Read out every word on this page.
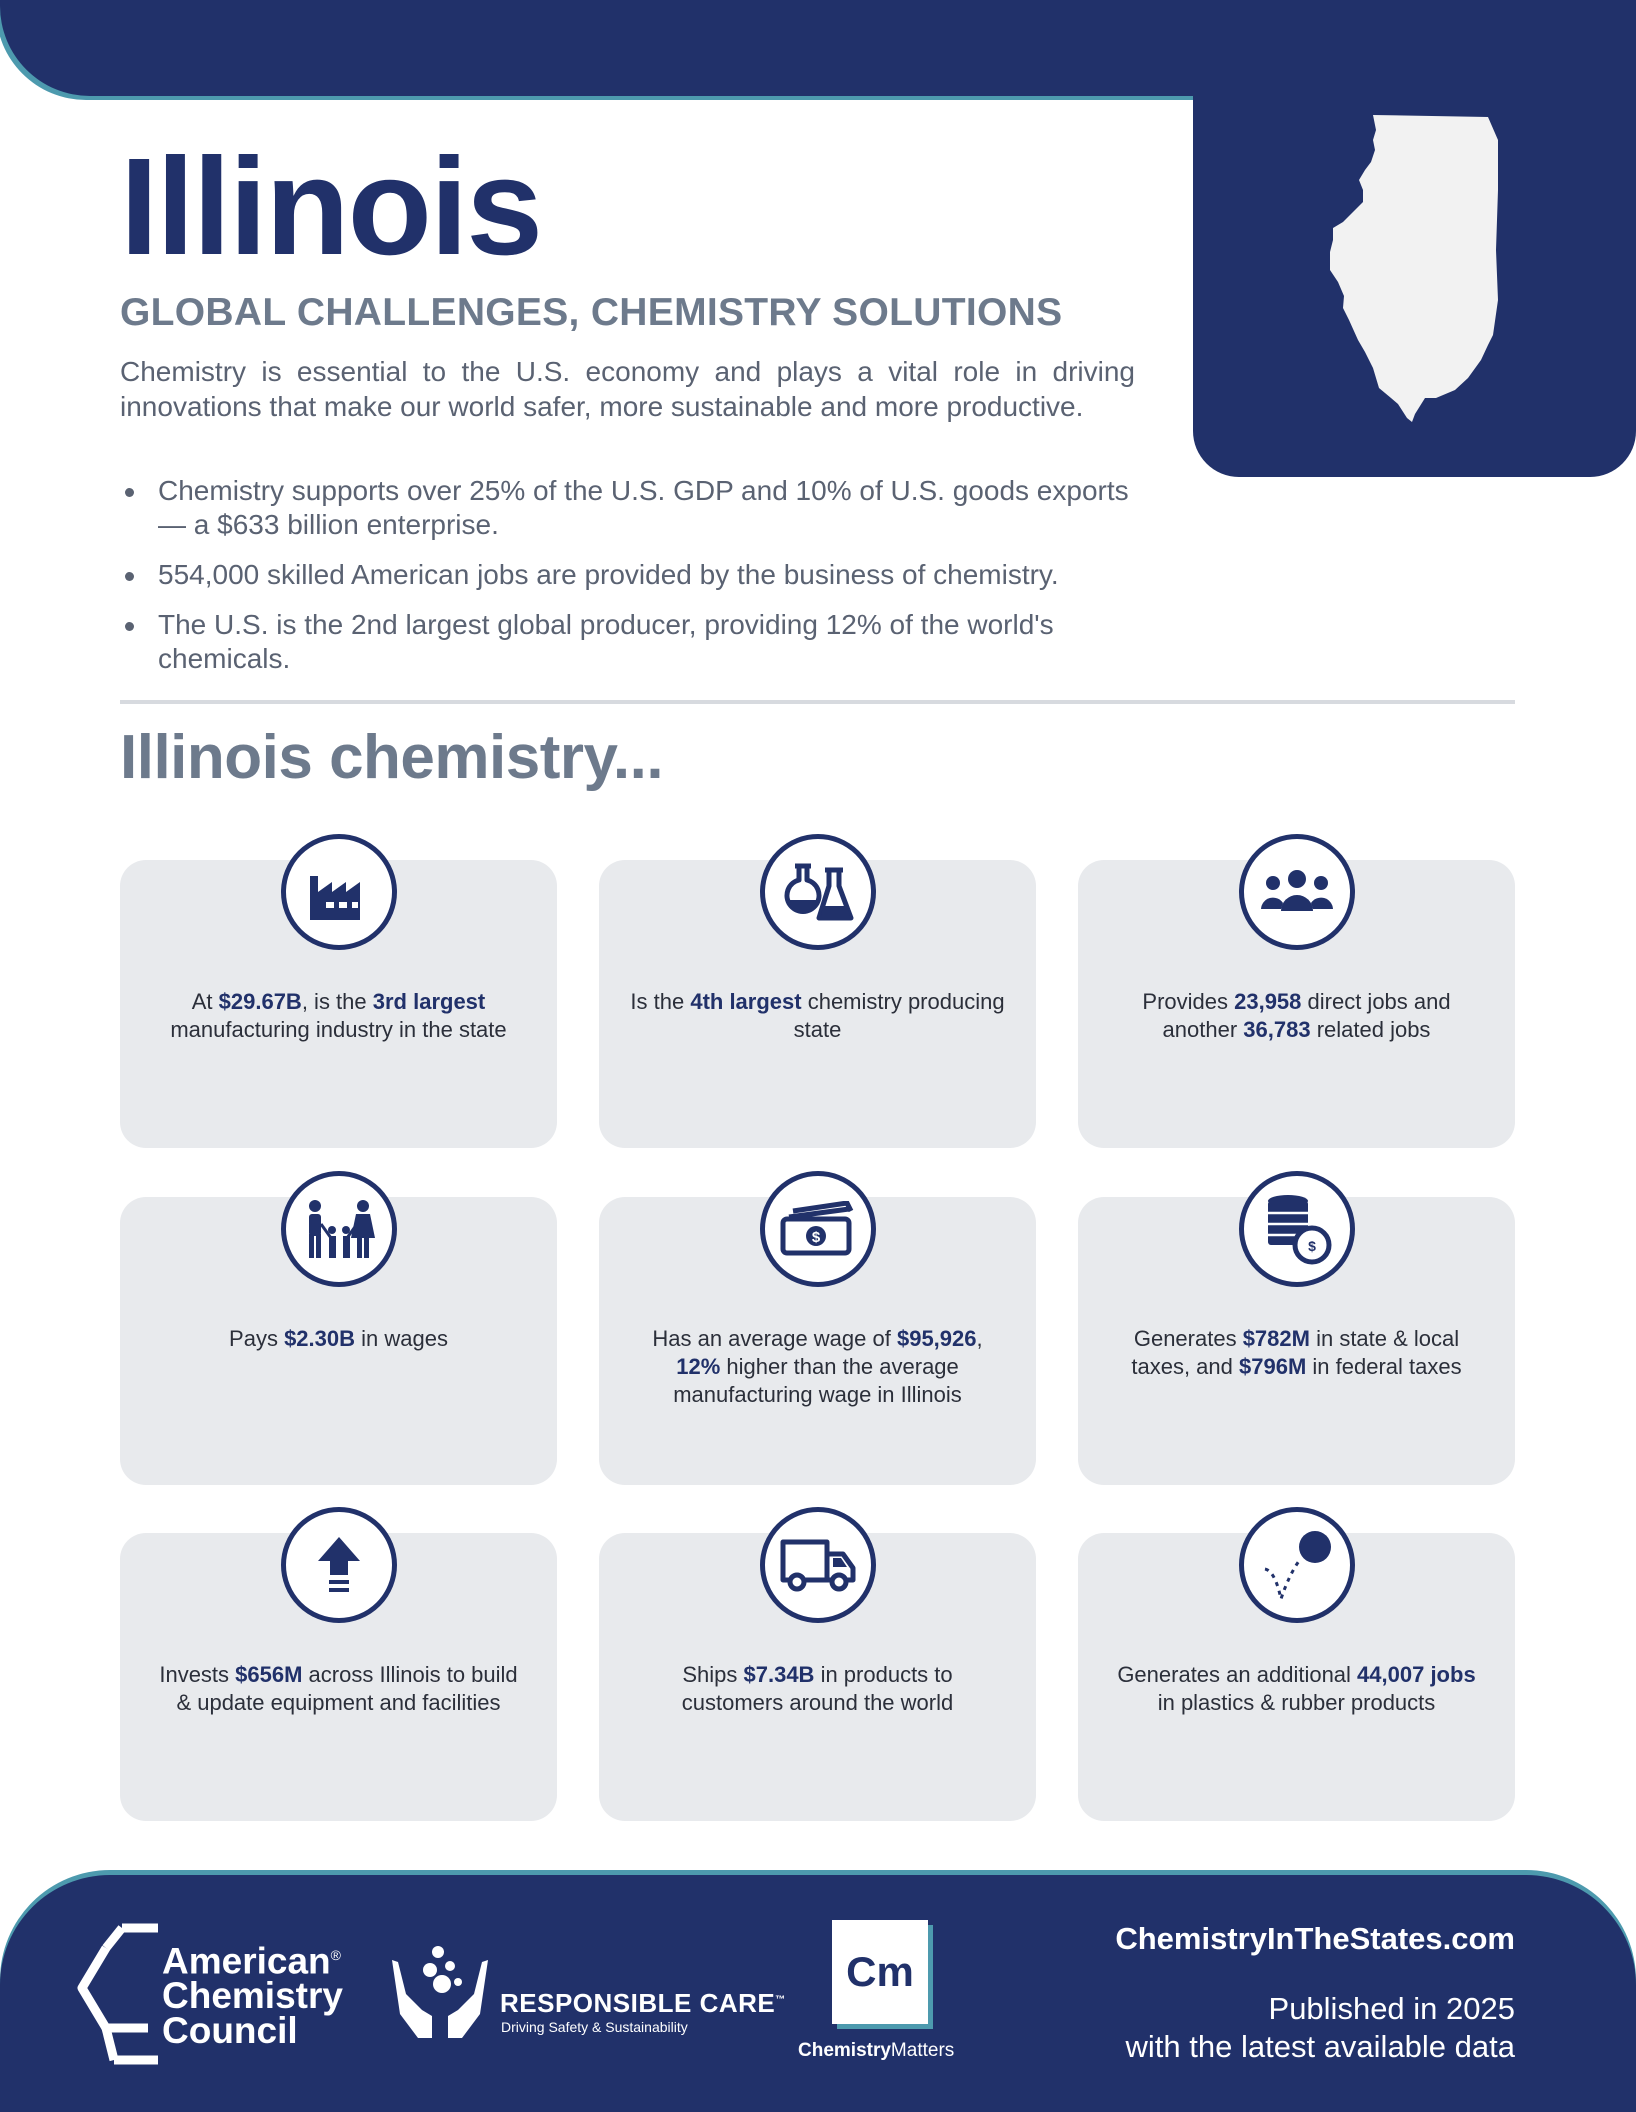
Illinois
GLOBAL CHALLENGES, CHEMISTRY SOLUTIONS

Chemistry is essential to the U.S. economy and plays a vital role in driving innovations that make our world safer, more sustainable and more productive.

Chemistry supports over 25% of the U.S. GDP and 10% of U.S. goods exports — a $633 billion enterprise.
554,000 skilled American jobs are provided by the business of chemistry.
The U.S. is the 2nd largest global producer, providing 12% of the world's chemicals.
Illinois chemistry...
At $29.67B, is the 3rd largest manufacturing industry in the state
Is the 4th largest chemistry producing state
Provides 23,958 direct jobs and another 36,783 related jobs
Pays $2.30B in wages
$
Has an average wage of $95,926, 12% higher than the average manufacturing wage in Illinois
$
Generates $782M in state & local taxes, and $796M in federal taxes
Invests $656M across Illinois to build & update equipment and facilities
Ships $7.34B in products to customers around the world
Generates an additional 44,007 jobs in plastics & rubber products
American®
Chemistry
Council
RESPONSIBLE CARE™
Driving Safety & Sustainability
Cm
ChemistryMatters
ChemistryInTheStates.com
Published in 2025
with the latest available data
